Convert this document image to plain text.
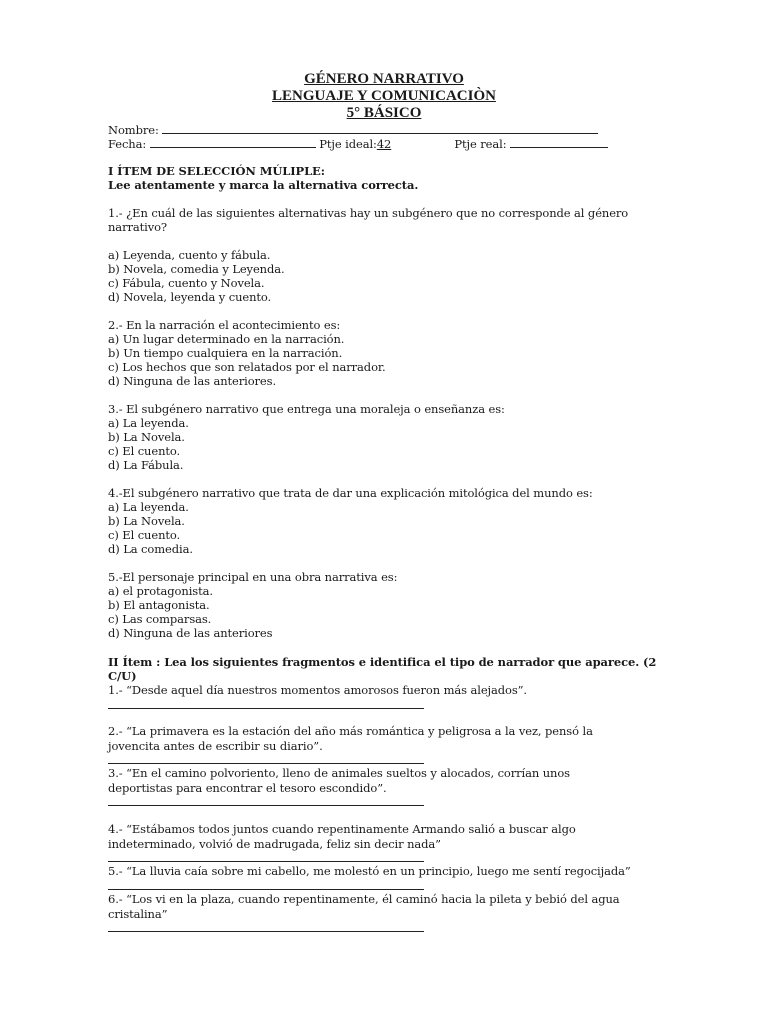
GÉNERO NARRATIVO
LENGUAJE Y COMUNICACIÒN
5° BÁSICO
Nombre:
Fecha:	Ptje ideal:42	Ptje real:
I ÍTEM DE SELECCIÓN MÚLIPLE:
Lee atentamente y marca la alternativa correcta.
1.- ¿En cuál de las siguientes alternativas hay un subgénero que no corresponde al género
narrativo?
a) Leyenda, cuento y fábula.
b) Novela, comedia y Leyenda.
c) Fábula, cuento y Novela.
d) Novela, leyenda y cuento.
2.- En la narración el acontecimiento es:
a) Un lugar determinado en la narración.
b) Un tiempo cualquiera en la narración.
c) Los hechos que son relatados por el narrador.
d) Ninguna de las anteriores.
3.- El subgénero narrativo que entrega una moraleja o enseñanza es:
a) La leyenda.
b) La Novela.
c) El cuento.
d) La Fábula.
4.-El subgénero narrativo que trata de dar una explicación mitológica del mundo es:
a) La leyenda.
b) La Novela.
c) El cuento.
d) La comedia.
5.-El personaje principal en una obra narrativa es:
a) el protagonista.
b) El antagonista.
c) Las comparsas.
d) Ninguna de las anteriores
II Ítem : Lea los siguientes fragmentos e identifica el tipo de narrador que aparece. (2
C/U)
1.- “Desde aquel día nuestros momentos amorosos fueron más alejados”.
2.- “La primavera es la estación del año más romántica y peligrosa a la vez, pensó la
jovencita antes de escribir su diario”.
3.- “En el camino polvoriento, lleno de animales sueltos y alocados, corrían unos
deportistas para encontrar el tesoro escondido”.
4.- “Estábamos todos juntos cuando repentinamente Armando salió a buscar algo
indeterminado, volvió de madrugada, feliz sin decir nada”
5.- “La lluvia caía sobre mi cabello, me molestó en un principio, luego me sentí regocijada”
6.- “Los vi en la plaza, cuando repentinamente, él caminó hacia la pileta y bebió del agua
cristalina”
